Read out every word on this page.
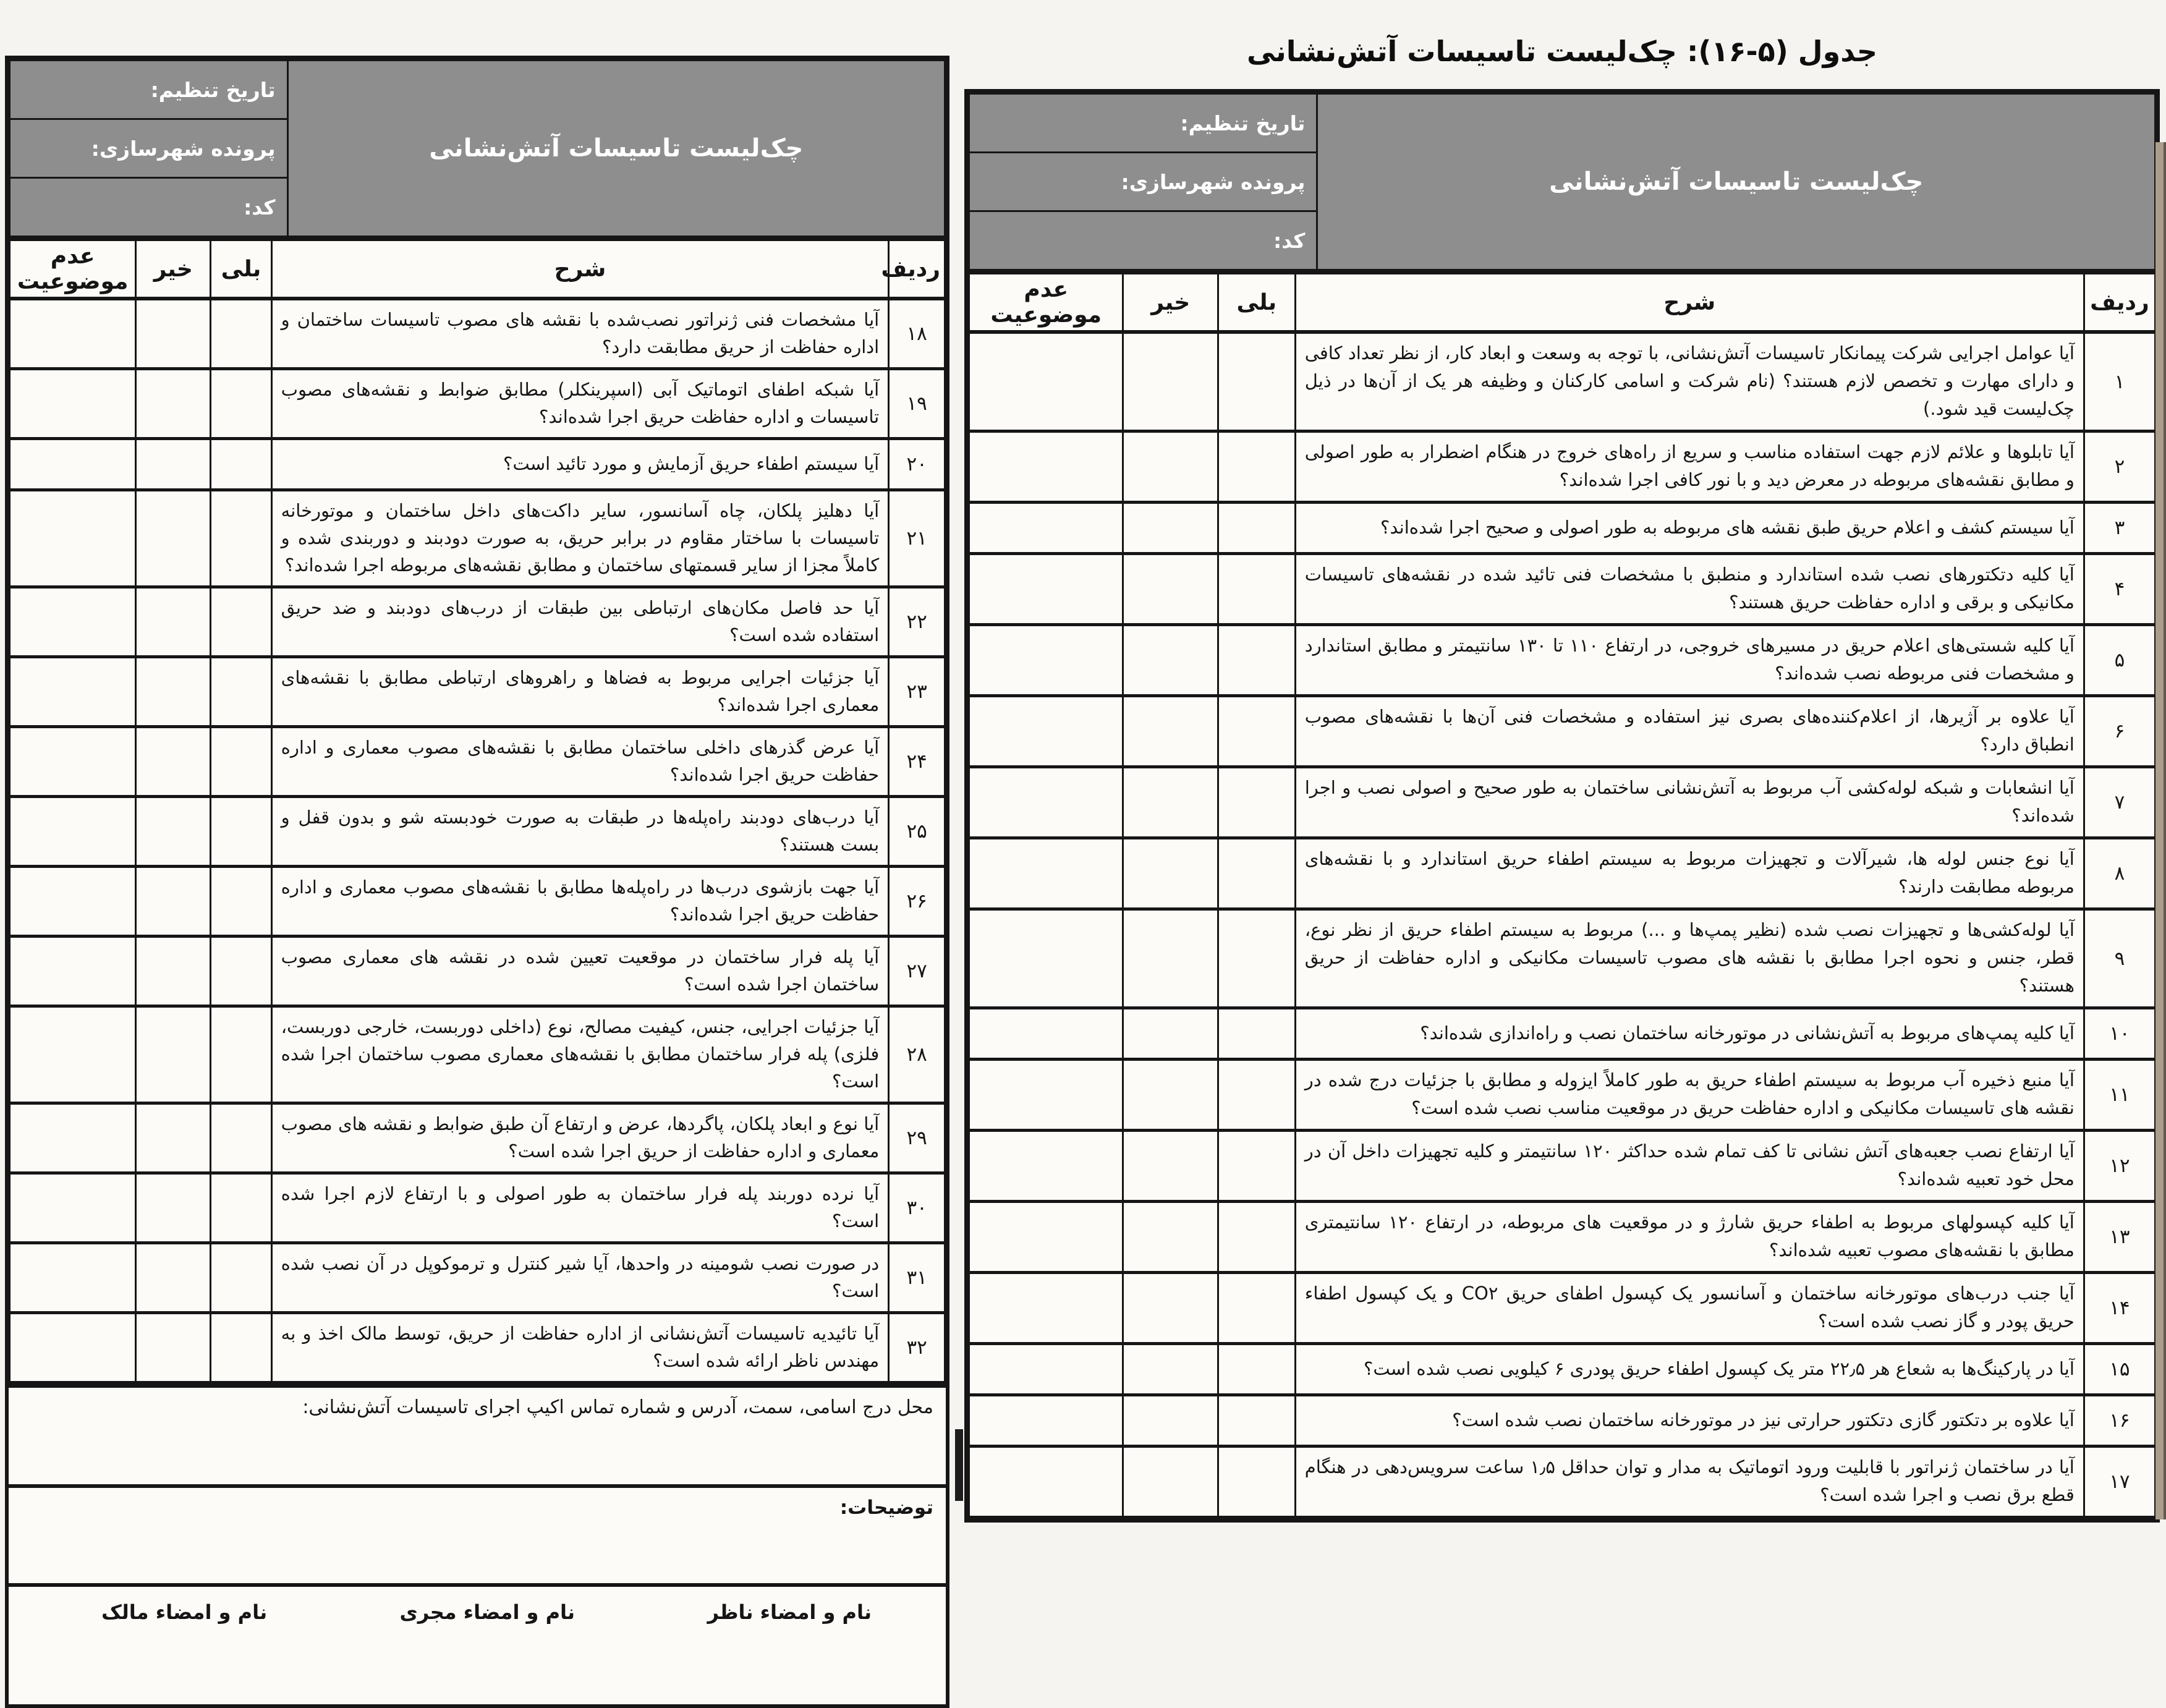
جدول (۵-۱۶): چک‌لیست تاسیسات آتش‌نشانی
چک‌لیست تاسیسات آتش‌نشانی	تاریخ تنظیم:
پرونده شهرسازی:
کد:
ردیف	شرح	بلی	خیر	عدم موضوعیت
۱	آیا عوامل اجرایی شرکت پیمانکار تاسیسات آتش‌نشانی، با توجه به وسعت و ابعاد کار، از نظر تعداد کافی و دارای مهارت و تخصص لازم هستند؟ (نام شرکت و اسامی کارکنان و وظیفه هر یک از آن‌ها در ذیل چک‌لیست قید شود.)			
۲	آیا تابلوها و علائم لازم جهت استفاده مناسب و سریع از راه‌های خروج در هنگام اضطرار به طور اصولی و مطابق نقشه‌های مربوطه در معرض دید و با نور کافی اجرا شده‌اند؟			
۳	آیا سیستم کشف و اعلام حریق طبق نقشه های مربوطه به طور اصولی و صحیح اجرا شده‌اند؟			
۴	آیا کلیه دتکتورهای نصب شده استاندارد و منطبق با مشخصات فنی تائید شده در نقشه‌های تاسیسات مکانیکی و برقی و اداره حفاظت حریق هستند؟			
۵	آیا کلیه شستی‌های اعلام حریق در مسیرهای خروجی، در ارتفاع ۱۱۰ تا ۱۳۰ سانتیمتر و مطابق استاندارد و مشخصات فنی مربوطه نصب شده‌اند؟			
۶	آیا علاوه بر آژیرها، از اعلام‌کننده‌های بصری نیز استفاده و مشخصات فنی آن‌ها با نقشه‌های مصوب انطباق دارد؟			
۷	آیا انشعابات و شبکه لوله‌کشی آب مربوط به آتش‌نشانی ساختمان به طور صحیح و اصولی نصب و اجرا شده‌اند؟			
۸	آیا نوع جنس لوله ها، شیرآلات و تجهیزات مربوط به سیستم اطفاء حریق استاندارد و با نقشه‌های مربوطه مطابقت دارند؟			
۹	آیا لوله‌کشی‌ها و تجهیزات نصب شده (نظیر پمپ‌ها و ...) مربوط به سیستم اطفاء حریق از نظر نوع، قطر، جنس و نحوه اجرا مطابق با نقشه های مصوب تاسیسات مکانیکی و اداره حفاظت از حریق هستند؟			
۱۰	آیا کلیه پمپ‌های مربوط به آتش‌نشانی در موتورخانه ساختمان نصب و راه‌اندازی شده‌اند؟			
۱۱	آیا منبع ذخیره آب مربوط به سیستم اطفاء حریق به طور کاملاً ایزوله و مطابق با جزئیات درج شده در نقشه های تاسیسات مکانیکی و اداره حفاظت حریق در موقعیت مناسب نصب شده است؟			
۱۲	آیا ارتفاع نصب جعبه‌های آتش نشانی تا کف تمام شده حداکثر ۱۲۰ سانتیمتر و کلیه تجهیزات داخل آن در محل خود تعبیه شده‌اند؟			
۱۳	آیا کلیه کپسولهای مربوط به اطفاء حریق شارژ و در موقعیت های مربوطه، در ارتفاع ۱۲۰ سانتیمتری مطابق با نقشه‌های مصوب تعبیه شده‌اند؟			
۱۴	آیا جنب درب‌های موتورخانه ساختمان و آسانسور یک کپسول اطفای حریق CO۲ و یک کپسول اطفاء حریق پودر و گاز نصب شده است؟			
۱۵	آیا در پارکینگ‌ها به شعاع هر ۲۲٫۵ متر یک کپسول اطفاء حریق پودری ۶ کیلویی نصب شده است؟			
۱۶	آیا علاوه بر دتکتور گازی دتکتور حرارتی نیز در موتورخانه ساختمان نصب شده است؟			
۱۷	آیا در ساختمان ژنراتور با قابلیت ورود اتوماتیک به مدار و توان حداقل ۱٫۵ ساعت سرویس‌دهی در هنگام قطع برق نصب و اجرا شده است؟			
چک‌لیست تاسیسات آتش‌نشانی	تاریخ تنظیم:
پرونده شهرسازی:
کد:
ردیف	شرح	بلی	خیر	عدم موضوعیت
۱۸	آیا مشخصات فنی ژنراتور نصب‌شده با نقشه های مصوب تاسیسات ساختمان و اداره حفاظت از حریق مطابقت دارد؟			
۱۹	آیا شبکه اطفای اتوماتیک آبی (اسپرینکلر) مطابق ضوابط و نقشه‌های مصوب تاسیسات و اداره حفاظت حریق اجرا شده‌اند؟			
۲۰	آیا سیستم اطفاء حریق آزمایش و مورد تائید است؟			
۲۱	آیا دهلیز پلکان، چاه آسانسور، سایر داکت‌های داخل ساختمان و موتورخانه تاسیسات با ساختار مقاوم در برابر حریق، به صورت دودبند و دوربندی شده و کاملاً مجزا از سایر قسمتهای ساختمان و مطابق نقشه‌های مربوطه اجرا شده‌اند؟			
۲۲	آیا حد فاصل مکان‌های ارتباطی بین طبقات از درب‌های دودبند و ضد حریق استفاده شده است؟			
۲۳	آیا جزئیات اجرایی مربوط به فضاها و راهروهای ارتباطی مطابق با نقشه‌های معماری اجرا شده‌اند؟			
۲۴	آیا عرض گذرهای داخلی ساختمان مطابق با نقشه‌های مصوب معماری و اداره حفاظت حریق اجرا شده‌اند؟			
۲۵	آیا درب‌های دودبند راه‌پله‌ها در طبقات به صورت خودبسته شو و بدون قفل و بست هستند؟			
۲۶	آیا جهت بازشوی درب‌ها در راه‌پله‌ها مطابق با نقشه‌های مصوب معماری و اداره حفاظت حریق اجرا شده‌اند؟			
۲۷	آیا پله فرار ساختمان در موقعیت تعیین شده در نقشه های معماری مصوب ساختمان اجرا شده است؟			
۲۸	آیا جزئیات اجرایی، جنس، کیفیت مصالح، نوع (داخلی دوربست، خارجی دوربست، فلزی) پله فرار ساختمان مطابق با نقشه‌های معماری مصوب ساختمان اجرا شده است؟			
۲۹	آیا نوع و ابعاد پلکان، پاگردها، عرض و ارتفاع آن طبق ضوابط و نقشه های مصوب معماری و اداره حفاظت از حریق اجرا شده است؟			
۳۰	آیا نرده دوربند پله فرار ساختمان به طور اصولی و با ارتفاع لازم اجرا شده است؟			
۳۱	در صورت نصب شومینه در واحدها، آیا شیر کنترل و ترموکوپل در آن نصب شده است؟			
۳۲	آیا تائیدیه تاسیسات آتش‌نشانی از اداره حفاظت از حریق، توسط مالک اخذ و به مهندس ناظر ارائه شده است؟			
محل درج اسامی، سمت، آدرس و شماره تماس اکیپ اجرای تاسیسات آتش‌نشانی:
توضیحات:
نام و امضاء ناظر
نام و امضاء مجری
نام و امضاء مالک
